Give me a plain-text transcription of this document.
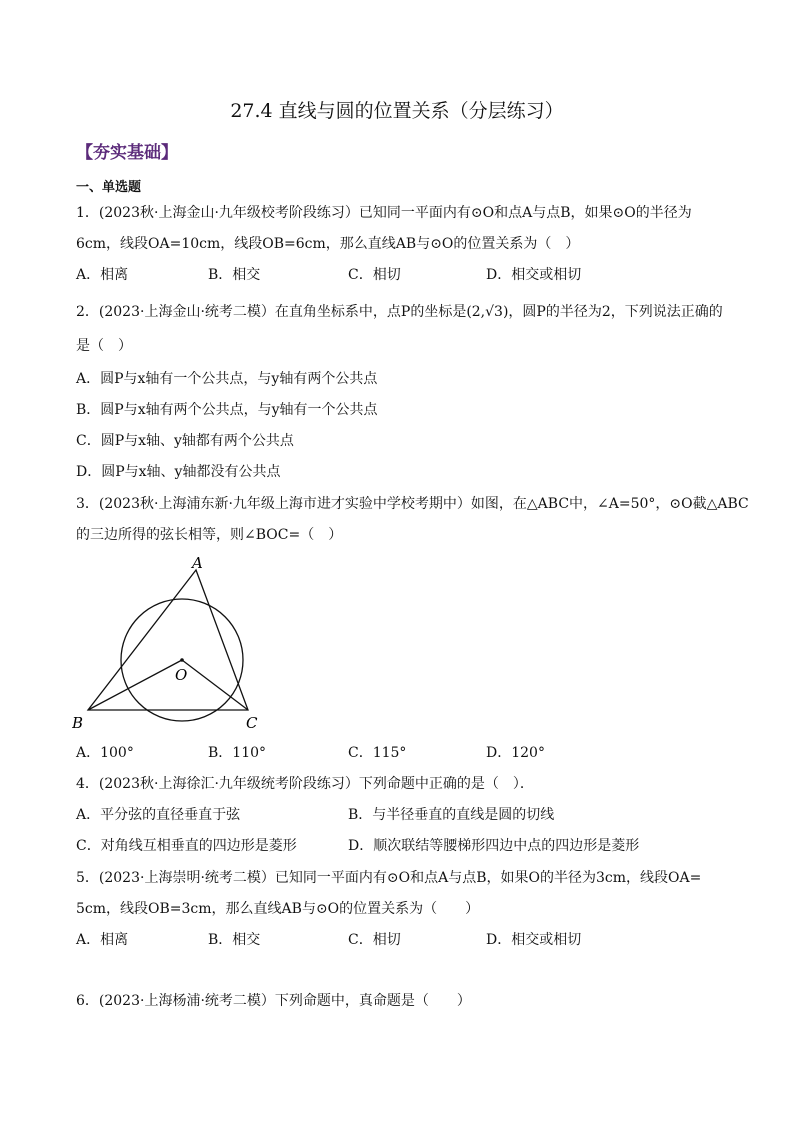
27.4 直线与圆的位置关系（分层练习）
【夯实基础】
一、单选题
1．(2023秋·上海金山·九年级校考阶段练习）已知同一平面内有⊙O和点A与点B，如果⊙O的半径为
6cm，线段OA=10cm，线段OB=6cm，那么直线AB与⊙O的位置关系为（　）
A．相离	B．相交	C．相切	D．相交或相切
2．(2023·上海金山·统考二模）在直角坐标系中，点P的坐标是(2,√3)，圆P的半径为2，下列说法正确的
是（　）
A．圆P与x轴有一个公共点，与y轴有两个公共点
B．圆P与x轴有两个公共点，与y轴有一个公共点
C．圆P与x轴、y轴都有两个公共点
D．圆P与x轴、y轴都没有公共点
3．(2023秋·上海浦东新·九年级上海市进才实验中学校考期中）如图，在△ABC中，∠A=50°，⊙O截△ABC
的三边所得的弦长相等，则∠BOC=（　）
A
O
B	C
A．100°	B．110°	C．115°	D．120°
4．(2023秋·上海徐汇·九年级统考阶段练习）下列命题中正确的是（　）．
A．平分弦的直径垂直于弦	B．与半径垂直的直线是圆的切线
C．对角线互相垂直的四边形是菱形	D．顺次联结等腰梯形四边中点的四边形是菱形
5．(2023·上海崇明·统考二模）已知同一平面内有⊙O和点A与点B，如果O的半径为3cm，线段OA=
5cm，线段OB=3cm，那么直线AB与⊙O的位置关系为（　　）
A．相离	B．相交	C．相切	D．相交或相切
6．(2023·上海杨浦·统考二模）下列命题中，真命题是（　　）
